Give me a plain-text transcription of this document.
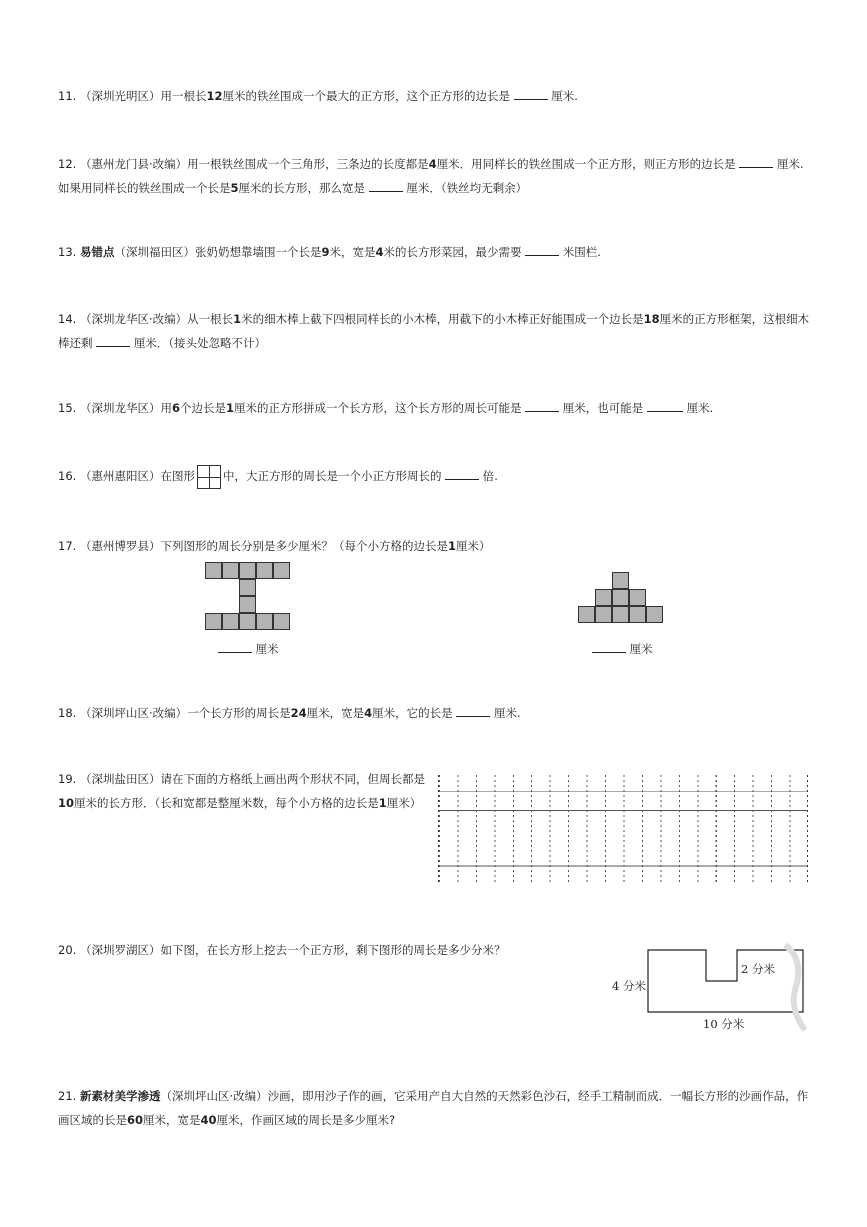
11. （深圳光明区）用一根长12厘米的铁丝围成一个最大的正方形，这个正方形的边长是	厘米.
12. （惠州龙门县·改编）用一根铁丝围成一个三角形，三条边的长度都是4厘米．用同样长的铁丝围成一个正方形，则正方形的边长是	厘米.
如果用同样长的铁丝围成一个长是5厘米的长方形，那么宽是	厘米．（铁丝均无剩余）
13. 易错点（深圳福田区）张奶奶想靠墙围一个长是9米，宽是4米的长方形菜园，最少需要	米围栏.
14. （深圳龙华区·改编）从一根长1米的细木棒上截下四根同样长的小木棒，用截下的小木棒正好能围成一个边长是18厘米的正方形框架，这根细木
棒还剩	厘米．（接头处忽略不计）
15. （深圳龙华区）用6个边长是1厘米的正方形拼成一个长方形，这个长方形的周长可能是	厘米，也可能是	厘米.
16. （惠州惠阳区）在图形 中，大正方形的周长是一个小正方形周长的	倍.
17. （惠州博罗县）下列图形的周长分别是多少厘米？（每个小方格的边长是1厘米）
厘米	厘米
18. （深圳坪山区·改编）一个长方形的周长是24厘米，宽是4厘米，它的长是	厘米.
19. （深圳盐田区）请在下面的方格纸上画出两个形状不同，但周长都是
10厘米的长方形．（长和宽都是整厘米数，每个小方格的边长是1厘米）
20. （深圳罗湖区）如下图，在长方形上挖去一个正方形，剩下图形的周长是多少分米？
4 分米
2 分米
10 分米
21. 新素材美学渗透（深圳坪山区·改编）沙画，即用沙子作的画，它采用产自大自然的天然彩色沙石，经手工精制而成．一幅长方形的沙画作品，作
画区域的长是60厘米，宽是40厘米，作画区域的周长是多少厘米?
